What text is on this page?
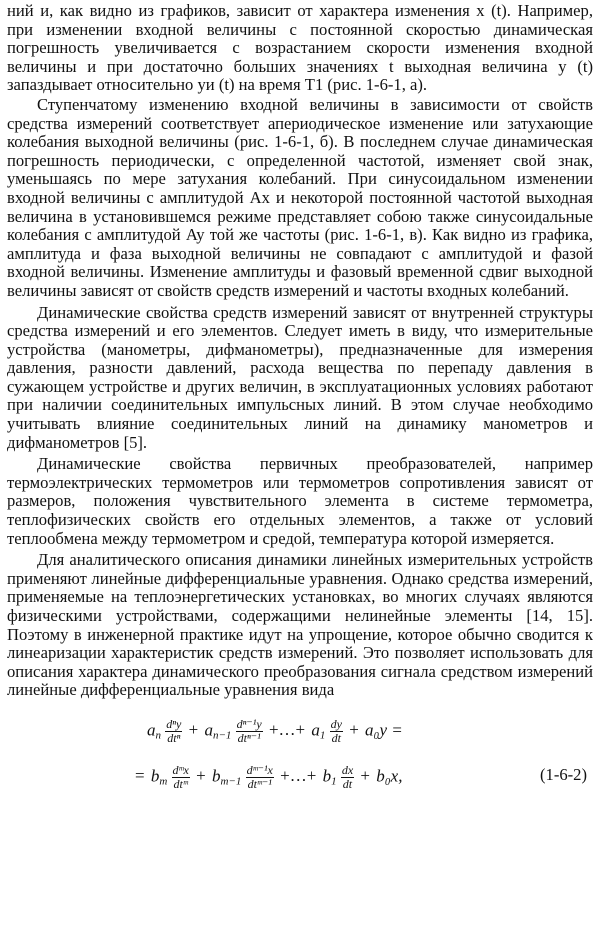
ний и, как видно из графиков, зависит от характера изменения x (t). Например, при изменении входной величины с постоянной скоростью динамическая погрешность увеличивается с возрастанием скорости изменения входной величины и при достаточно больших значениях t выходная величина y (t) запаздывает относительно yи (t) на время T1 (рис. 1-6-1, а).

Ступенчатому изменению входной величины в зависимости от свойств средства измерений соответствует апериодическое изменение или затухающие колебания выходной величины (рис. 1-6-1, б). В последнем случае динамическая погрешность периодически, с определенной частотой, изменяет свой знак, уменьшаясь по мере затухания колебаний. При синусоидальном изменении входной величины с амплитудой Ax и некоторой постоянной частотой выходная величина в установившемся режиме представляет собою также синусоидальные колебания с амплитудой Ay той же частоты (рис. 1-6-1, в). Как видно из графика, амплитуда и фаза выходной величины не совпадают с амплитудой и фазой входной величины. Изменение амплитуды и фазовый временной сдвиг выходной величины зависят от свойств средств измерений и частоты входных колебаний.

Динамические свойства средств измерений зависят от внутренней структуры средства измерений и его элементов. Следует иметь в виду, что измерительные устройства (манометры, дифманометры), предназначенные для измерения давления, разности давлений, расхода вещества по перепаду давления в сужающем устройстве и других величин, в эксплуатационных условиях работают при наличии соединительных импульсных линий. В этом случае необходимо учитывать влияние соединительных линий на динамику манометров и дифманометров [5].

Динамические свойства первичных преобразователей, например термоэлектрических термометров или термометров сопротивления зависят от размеров, положения чувствительного элемента в системе термометра, теплофизических свойств его отдельных элементов, а также от условий теплообмена между термометром и средой, температура которой измеряется.

Для аналитического описания динамики линейных измерительных устройств применяют линейные дифференциальные уравнения. Однако средства измерений, применяемые на теплоэнергетических установках, во многих случаях являются физическими устройствами, содержащими нелинейные элементы [14, 15]. Поэтому в инженерной практике идут на упрощение, которое обычно сводится к линеаризации характеристик средств измерений. Это позволяет использовать для описания характера динамического преобразования сигнала средством измерений линейные дифференциальные уравнения вида

$a_n \frac{\text{dⁿy}}{\text{dtⁿ}} + a_{n-1} \frac{\text{dⁿ⁻¹y}}{\text{dtⁿ⁻¹}}$ +…+ $a_1 \frac{dy}{dt} + a_0y$ =
= $b_m \frac{\text{dᵐx}}{\text{dtᵐ}} + b_{m-1} \frac{\text{dᵐ⁻¹x}}{\text{dtᵐ⁻¹}}$ +…+ $b_1 \frac{dx}{dt} + b_0x$,	(1-6-2)
